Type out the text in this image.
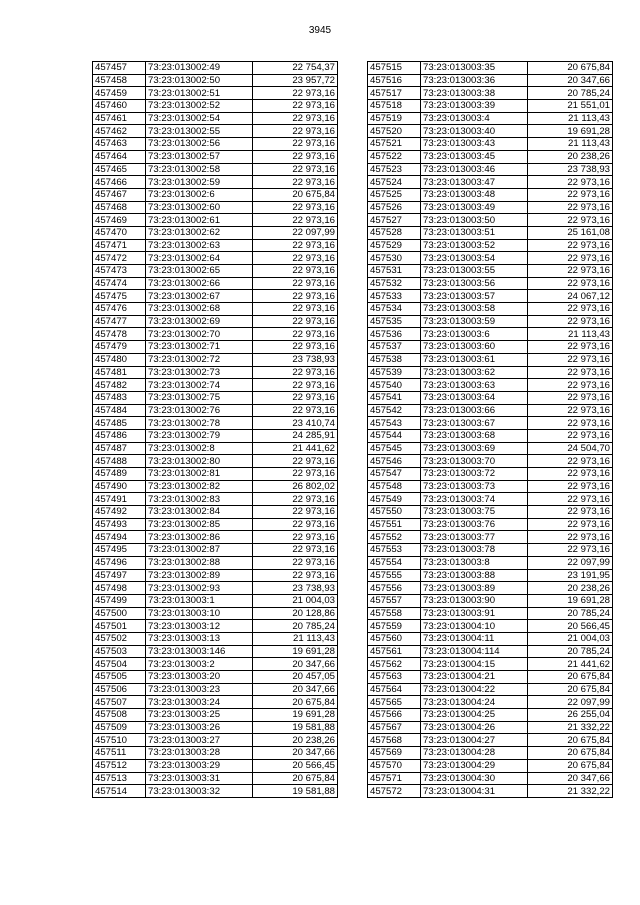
3945
457457	73:23:013002:49	22 754,37
457458	73:23:013002:50	23 957,72
457459	73:23:013002:51	22 973,16
457460	73:23:013002:52	22 973,16
457461	73:23:013002:54	22 973,16
457462	73:23:013002:55	22 973,16
457463	73:23:013002:56	22 973,16
457464	73:23:013002:57	22 973,16
457465	73:23:013002:58	22 973,16
457466	73:23:013002:59	22 973,16
457467	73:23:013002:6	20 675,84
457468	73:23:013002:60	22 973,16
457469	73:23:013002:61	22 973,16
457470	73:23:013002:62	22 097,99
457471	73:23:013002:63	22 973,16
457472	73:23:013002:64	22 973,16
457473	73:23:013002:65	22 973,16
457474	73:23:013002:66	22 973,16
457475	73:23:013002:67	22 973,16
457476	73:23:013002:68	22 973,16
457477	73:23:013002:69	22 973,16
457478	73:23:013002:70	22 973,16
457479	73:23:013002:71	22 973,16
457480	73:23:013002:72	23 738,93
457481	73:23:013002:73	22 973,16
457482	73:23:013002:74	22 973,16
457483	73:23:013002:75	22 973,16
457484	73:23:013002:76	22 973,16
457485	73:23:013002:78	23 410,74
457486	73:23:013002:79	24 285,91
457487	73:23:013002:8	21 441,62
457488	73:23:013002:80	22 973,16
457489	73:23:013002:81	22 973,16
457490	73:23:013002:82	26 802,02
457491	73:23:013002:83	22 973,16
457492	73:23:013002:84	22 973,16
457493	73:23:013002:85	22 973,16
457494	73:23:013002:86	22 973,16
457495	73:23:013002:87	22 973,16
457496	73:23:013002:88	22 973,16
457497	73:23:013002:89	22 973,16
457498	73:23:013002:93	23 738,93
457499	73:23:013003:1	21 004,03
457500	73:23:013003:10	20 128,86
457501	73:23:013003:12	20 785,24
457502	73:23:013003:13	21 113,43
457503	73:23:013003:146	19 691,28
457504	73:23:013003:2	20 347,66
457505	73:23:013003:20	20 457,05
457506	73:23:013003:23	20 347,66
457507	73:23:013003:24	20 675,84
457508	73:23:013003:25	19 691,28
457509	73:23:013003:26	19 581,88
457510	73:23:013003:27	20 238,26
457511	73:23:013003:28	20 347,66
457512	73:23:013003:29	20 566,45
457513	73:23:013003:31	20 675,84
457514	73:23:013003:32	19 581,88
457515	73:23:013003:35	20 675,84
457516	73:23:013003:36	20 347,66
457517	73:23:013003:38	20 785,24
457518	73:23:013003:39	21 551,01
457519	73:23:013003:4	21 113,43
457520	73:23:013003:40	19 691,28
457521	73:23:013003:43	21 113,43
457522	73:23:013003:45	20 238,26
457523	73:23:013003:46	23 738,93
457524	73:23:013003:47	22 973,16
457525	73:23:013003:48	22 973,16
457526	73:23:013003:49	22 973,16
457527	73:23:013003:50	22 973,16
457528	73:23:013003:51	25 161,08
457529	73:23:013003:52	22 973,16
457530	73:23:013003:54	22 973,16
457531	73:23:013003:55	22 973,16
457532	73:23:013003:56	22 973,16
457533	73:23:013003:57	24 067,12
457534	73:23:013003:58	22 973,16
457535	73:23:013003:59	22 973,16
457536	73:23:013003:6	21 113,43
457537	73:23:013003:60	22 973,16
457538	73:23:013003:61	22 973,16
457539	73:23:013003:62	22 973,16
457540	73:23:013003:63	22 973,16
457541	73:23:013003:64	22 973,16
457542	73:23:013003:66	22 973,16
457543	73:23:013003:67	22 973,16
457544	73:23:013003:68	22 973,16
457545	73:23:013003:69	24 504,70
457546	73:23:013003:70	22 973,16
457547	73:23:013003:72	22 973,16
457548	73:23:013003:73	22 973,16
457549	73:23:013003:74	22 973,16
457550	73:23:013003:75	22 973,16
457551	73:23:013003:76	22 973,16
457552	73:23:013003:77	22 973,16
457553	73:23:013003:78	22 973,16
457554	73:23:013003:8	22 097,99
457555	73:23:013003:88	23 191,95
457556	73:23:013003:89	20 238,26
457557	73:23:013003:90	19 691,28
457558	73:23:013003:91	20 785,24
457559	73:23:013004:10	20 566,45
457560	73:23:013004:11	21 004,03
457561	73:23:013004:114	20 785,24
457562	73:23:013004:15	21 441,62
457563	73:23:013004:21	20 675,84
457564	73:23:013004:22	20 675,84
457565	73:23:013004:24	22 097,99
457566	73:23:013004:25	26 255,04
457567	73:23:013004:26	21 332,22
457568	73:23:013004:27	20 675,84
457569	73:23:013004:28	20 675,84
457570	73:23:013004:29	20 675,84
457571	73:23:013004:30	20 347,66
457572	73:23:013004:31	21 332,22
